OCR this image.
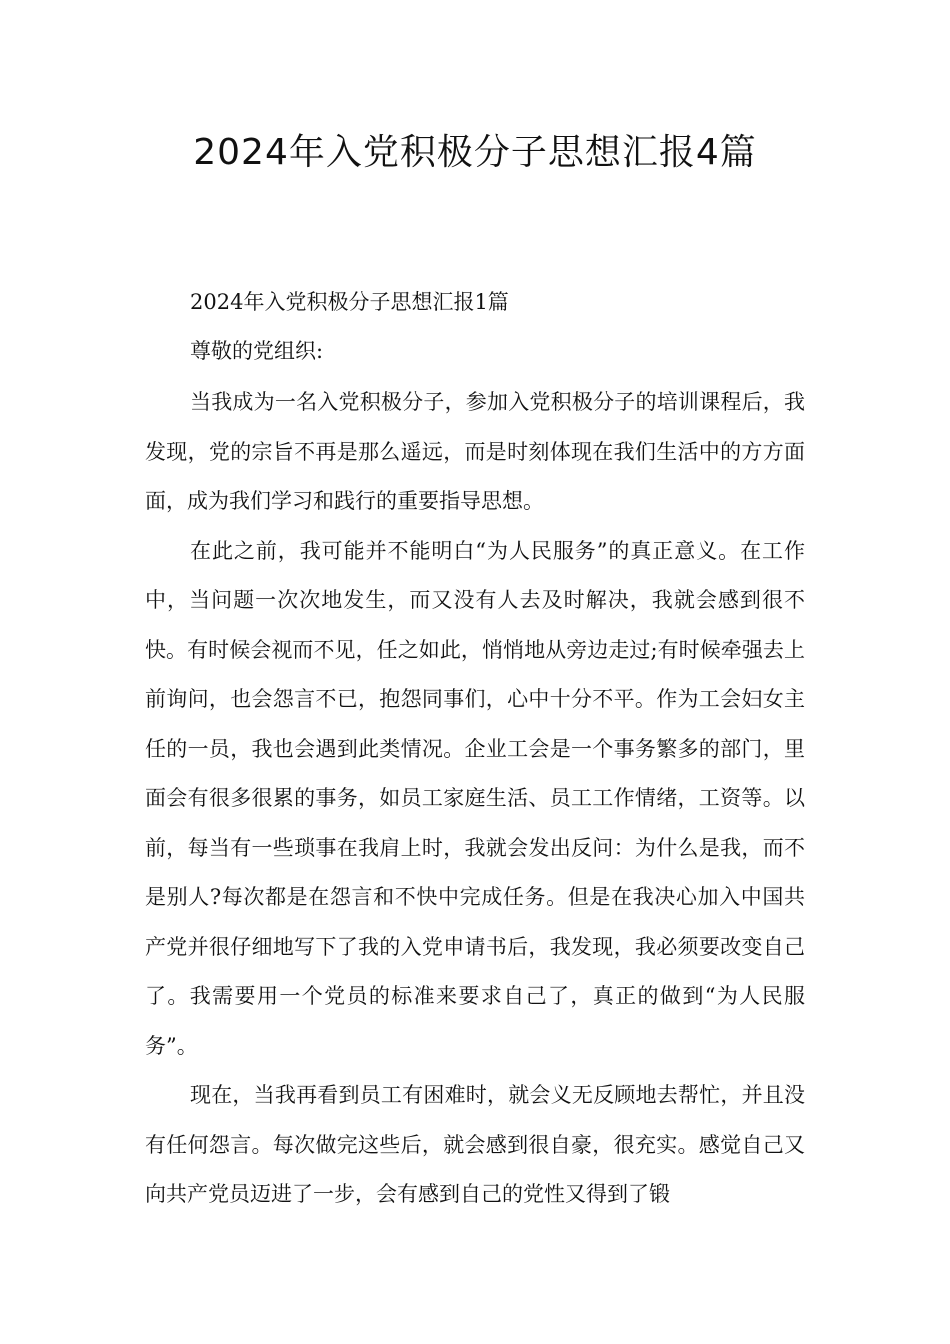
2024年入党积极分子思想汇报4篇

2024年入党积极分子思想汇报1篇

尊敬的党组织:

当我成为一名入党积极分子，参加入党积极分子的培训课程后，我发现，党的宗旨不再是那么遥远，而是时刻体现在我们生活中的方方面面，成为我们学习和践行的重要指导思想。

在此之前，我可能并不能明白“为人民服务”的真正意义。在工作中，当问题一次次地发生，而又没有人去及时解决，我就会感到很不快。有时候会视而不见，任之如此，悄悄地从旁边走过;有时候牵强去上前询问，也会怨言不已，抱怨同事们，心中十分不平。作为工会妇女主任的一员，我也会遇到此类情况。企业工会是一个事务繁多的部门，里面会有很多很累的事务，如员工家庭生活、员工工作情绪，工资等。以前，每当有一些琐事在我肩上时，我就会发出反问：为什么是我，而不是别人?每次都是在怨言和不快中完成任务。但是在我决心加入中国共产党并很仔细地写下了我的入党申请书后，我发现，我必须要改变自己了。我需要用一个党员的标准来要求自己了，真正的做到“为人民服务”。

现在，当我再看到员工有困难时，就会义无反顾地去帮忙，并且没有任何怨言。每次做完这些后，就会感到很自豪，很充实。感觉自己又向共产党员迈进了一步，会有感到自己的党性又得到了锻
